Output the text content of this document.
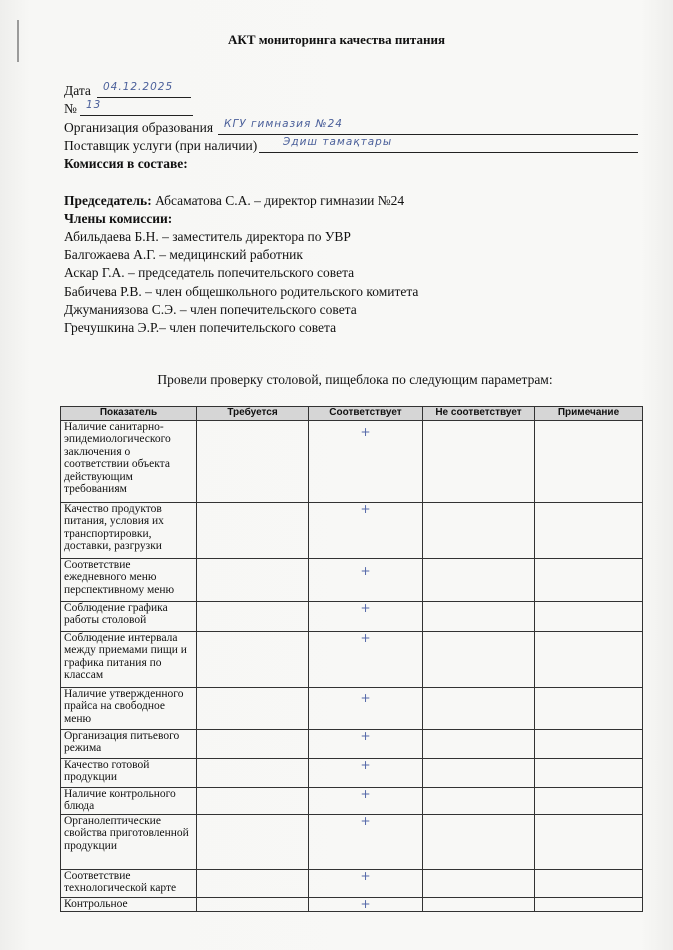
АКТ мониторинга качества питания
Дата 04.12.2025
№ 13
Организация образования КГУ гимназия №24
Поставщик услуги (при наличии) Эдиш тамақтары
Комиссия в составе:
Председатель: Абсаматова С.А. – директор гимназии №24
Члены комиссии:
Абильдаева Б.Н. – заместитель директора по УВР
Балгожаева А.Г. – медицинский работник
Аскар Г.А. – председатель попечительского совета
Бабичева Р.В. – член общешкольного родительского комитета
Джуманиязова С.Э. – член попечительского совета
Гречушкина Э.Р.– член попечительского совета
Провели проверку столовой, пищеблока по следующим параметрам:
Показатель	Требуется	Соответствует	Не соответствует	Примечание
Наличие санитарно-эпидемиологического заключения о соответствии объекта действующим требованиям		+		
Качество продуктов питания, условия их транспортировки, доставки, разгрузки		+		
Соответствие ежедневного меню перспективному меню		+		
Соблюдение графика работы столовой		+		
Соблюдение интервала между приемами пищи и графика питания по классам		+		
Наличие утвержденного прайса на свободное меню		+		
Организация питьевого режима		+		
Качество готовой продукции		+		
Наличие контрольного блюда		+		
Органолептические свойства приготовленной продукции		+		
Соответствие технологической карте		+		
Контрольное		+		
